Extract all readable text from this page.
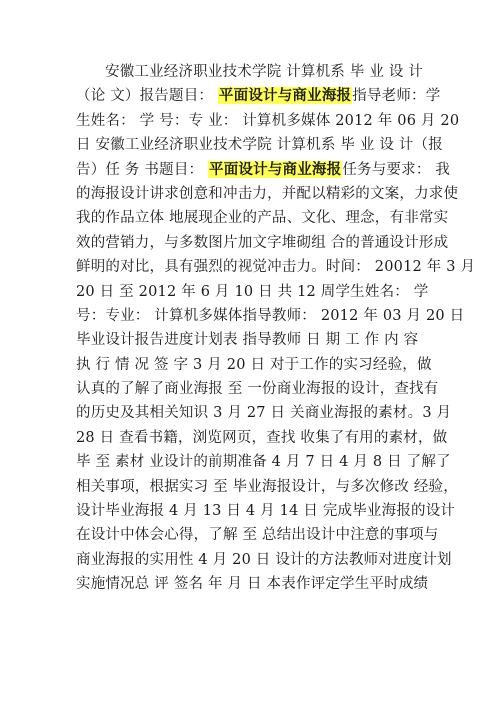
安徽工业经济职业技术学院 计算机系 毕 业 设 计
（论 文）报告题目： 平面设计与商业海报指导老师：学
生姓名： 学 号：专 业： 计算机多媒体 2012 年 06 月 20
日 安徽工业经济职业技术学院 计算机系 毕 业 设 计（报
告）任 务 书题目： 平面设计与商业海报任务与要求： 我
的海报设计讲求创意和冲击力，并配以精彩的文案，力求使
我的作品立体 地展现企业的产品、文化、理念，有非常实
效的营销力，与多数图片加文字堆砌组 合的普通设计形成
鲜明的对比，具有强烈的视觉冲击力。时间： 20012 年 3 月
20 日 至 2012 年 6 月 10 日 共 12 周学生姓名： 学
号：专业： 计算机多媒体指导教师： 2012 年 03 月 20 日
毕业设计报告进度计划表 指导教师 日 期 工 作 内 容
执 行 情 况 签 字 3 月 20 日 对于工作的实习经验，做
认真的了解了商业海报 至 一份商业海报的设计，查找有
的历史及其相关知识 3 月 27 日 关商业海报的素材。3 月
28 日 查看书籍，浏览网页，查找 收集了有用的素材，做
毕 至 素材 业设计的前期准备 4 月 7 日 4 月 8 日 了解了
相关事项，根据实习 至 毕业海报设计，与多次修改 经验，
设计毕业海报 4 月 13 日 4 月 14 日 完成毕业海报的设计
在设计中体会心得，了解 至 总结出设计中注意的事项与
商业海报的实用性 4 月 20 日 设计的方法教师对进度计划
实施情况总 评 签名 年 月 日 本表作评定学生平时成绩
